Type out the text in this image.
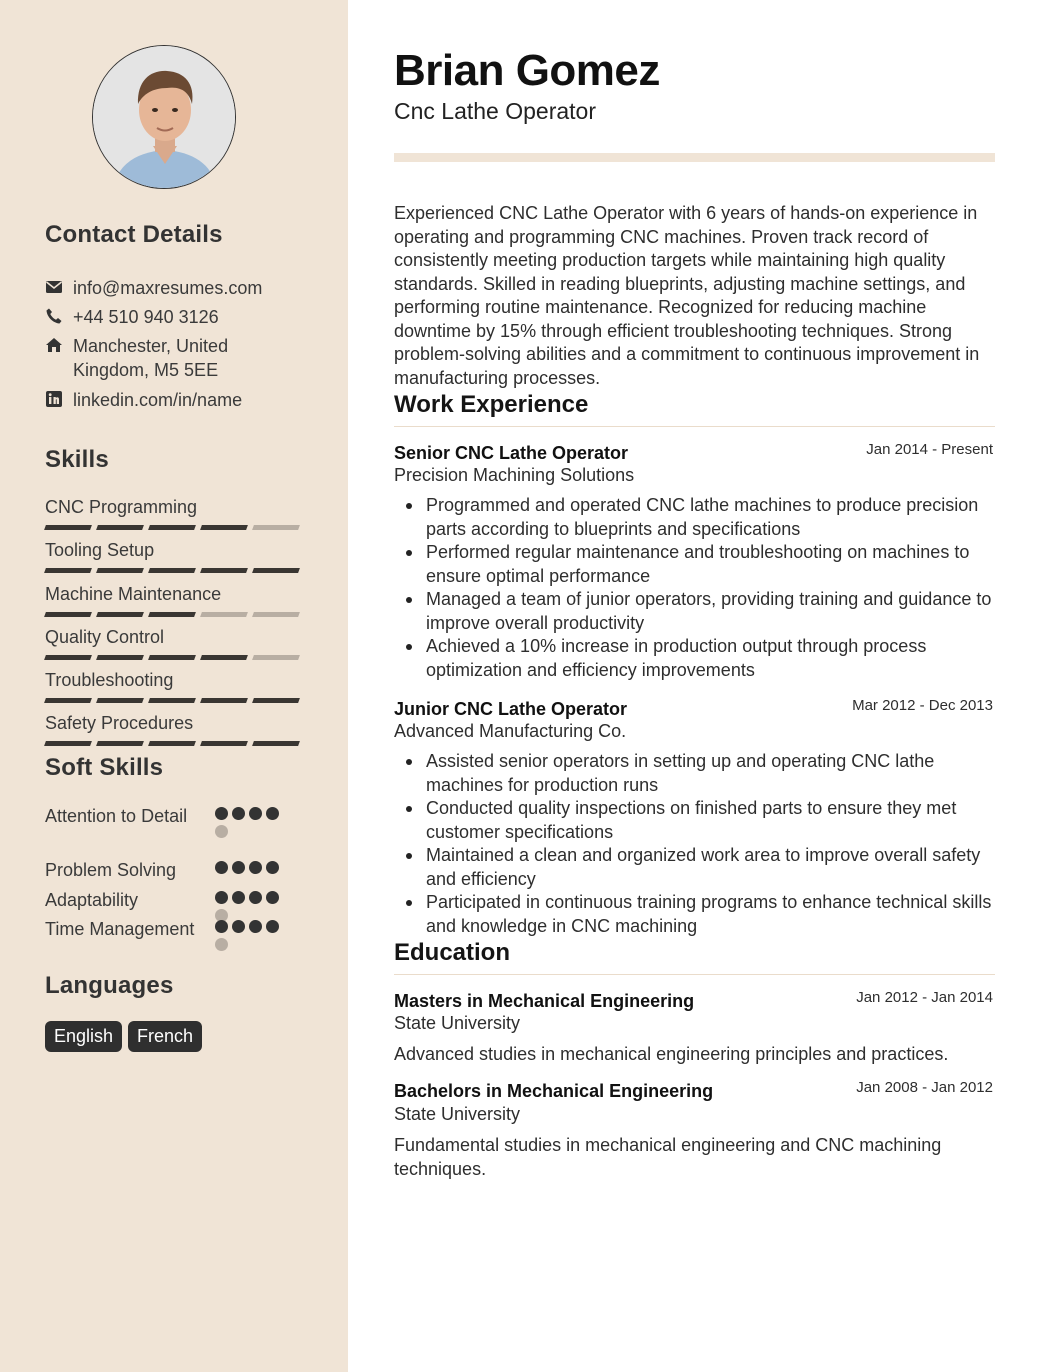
Contact Details
info@maxresumes.com
+44 510 940 3126
Manchester, United
Kingdom, M5 5EE
linkedin.com/in/name
Skills
CNC Programming
Tooling Setup
Machine Maintenance
Quality Control
Troubleshooting
Safety Procedures
Soft Skills
Attention to Detail
Problem Solving
Adaptability
Time Management
Languages
English	French
Brian Gomez
Cnc Lathe Operator
Experienced CNC Lathe Operator with 6 years of hands-on experience in operating and programming CNC machines. Proven track record of consistently meeting production targets while maintaining high quality standards. Skilled in reading blueprints, adjusting machine settings, and performing routine maintenance. Recognized for reducing machine downtime by 15% through efficient troubleshooting techniques. Strong problem-solving abilities and a commitment to continuous improvement in manufacturing processes.
Work Experience
Senior CNC Lathe Operator	Jan 2014 - Present
Precision Machining Solutions
Programmed and operated CNC lathe machines to produce precision parts according to blueprints and specifications
Performed regular maintenance and troubleshooting on machines to ensure optimal performance
Managed a team of junior operators, providing training and guidance to improve overall productivity
Achieved a 10% increase in production output through process optimization and efficiency improvements
Junior CNC Lathe Operator	Mar 2012 - Dec 2013
Advanced Manufacturing Co.
Assisted senior operators in setting up and operating CNC lathe machines for production runs
Conducted quality inspections on finished parts to ensure they met customer specifications
Maintained a clean and organized work area to improve overall safety and efficiency
Participated in continuous training programs to enhance technical skills and knowledge in CNC machining
Education
Masters in Mechanical Engineering	Jan 2012 - Jan 2014
State University
Advanced studies in mechanical engineering principles and practices.
Bachelors in Mechanical Engineering	Jan 2008 - Jan 2012
State University
Fundamental studies in mechanical engineering and CNC machining techniques.
